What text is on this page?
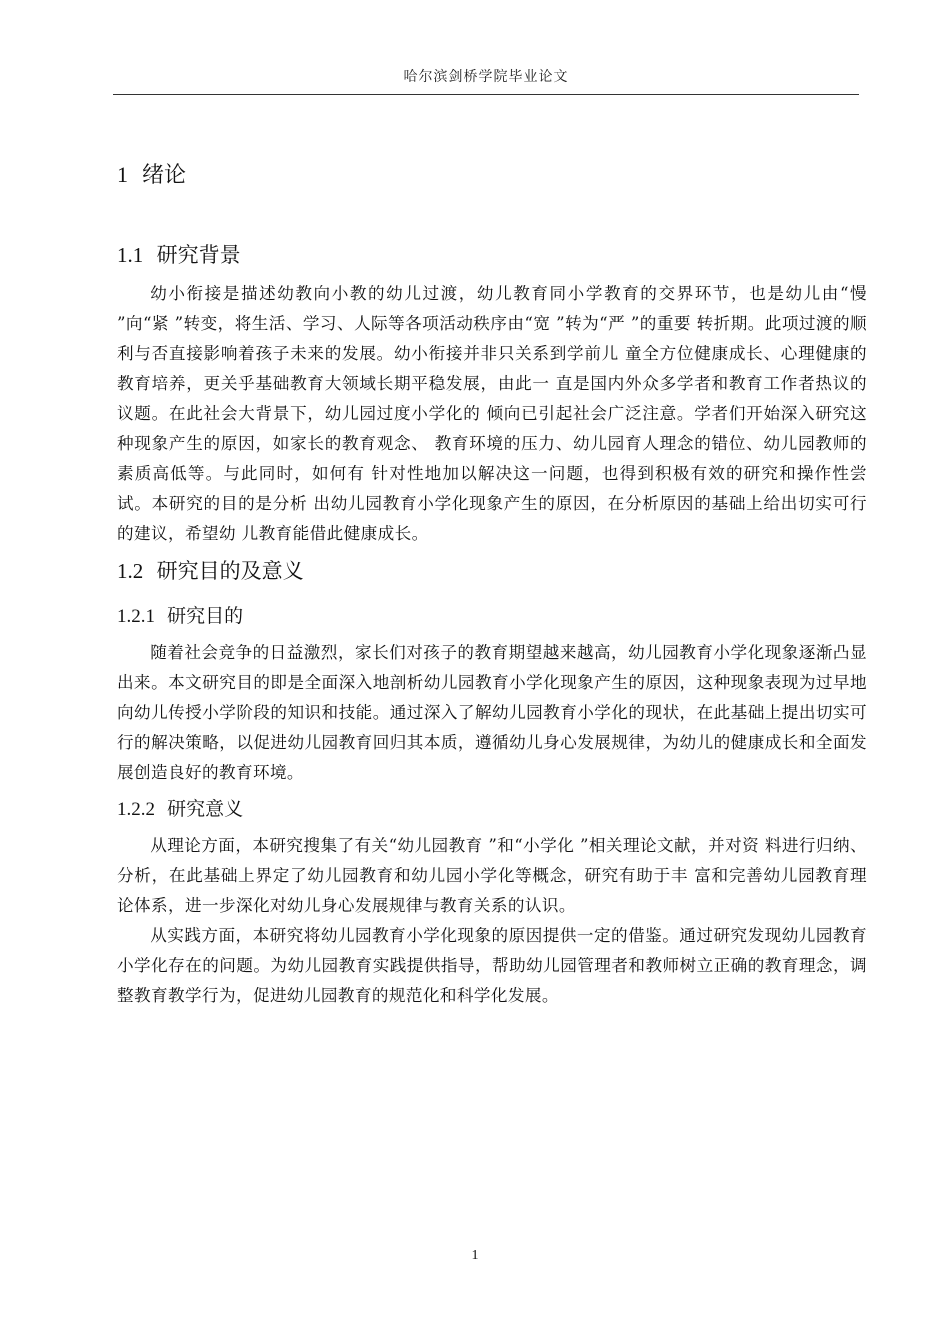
哈尔滨剑桥学院毕业论文
1 绪论
1.1 研究背景

幼小衔接是描述幼教向小教的幼儿过渡，幼儿教育同小学教育的交界环节，也是幼儿由“慢 ”向“紧 ”转变，将生活、学习、人际等各项活动秩序由“宽 ”转为“严 ”的重要 转折期。此项过渡的顺利与否直接影响着孩子未来的发展。幼小衔接并非只关系到学前儿 童全方位健康成长、心理健康的教育培养，更关乎基础教育大领域长期平稳发展，由此一 直是国内外众多学者和教育工作者热议的议题。在此社会大背景下，幼儿园过度小学化的 倾向已引起社会广泛注意。学者们开始深入研究这种现象产生的原因，如家长的教育观念、 教育环境的压力、幼儿园育人理念的错位、幼儿园教师的素质高低等。与此同时，如何有 针对性地加以解决这一问题，也得到积极有效的研究和操作性尝试。本研究的目的是分析 出幼儿园教育小学化现象产生的原因，在分析原因的基础上给出切实可行的建议，希望幼 儿教育能借此健康成长。

1.2 研究目的及意义
1.2.1 研究目的

随着社会竞争的日益激烈，家长们对孩子的教育期望越来越高，幼儿园教育小学化现象逐渐凸显出来。本文研究目的即是全面深入地剖析幼儿园教育小学化现象产生的原因，这种现象表现为过早地向幼儿传授小学阶段的知识和技能。通过深入了解幼儿园教育小学化的现状，在此基础上提出切实可行的解决策略，以促进幼儿园教育回归其本质，遵循幼儿身心发展规律，为幼儿的健康成长和全面发展创造良好的教育环境。

1.2.2 研究意义

从理论方面，本研究搜集了有关“幼儿园教育 ”和“小学化 ”相关理论文献，并对资 料进行归纳、分析，在此基础上界定了幼儿园教育和幼儿园小学化等概念，研究有助于丰 富和完善幼儿园教育理论体系，进一步深化对幼儿身心发展规律与教育关系的认识。

从实践方面，本研究将幼儿园教育小学化现象的原因提供一定的借鉴。通过研究发现幼儿园教育小学化存在的问题。为幼儿园教育实践提供指导，帮助幼儿园管理者和教师树立正确的教育理念，调整教育教学行为，促进幼儿园教育的规范化和科学化发展。

1
